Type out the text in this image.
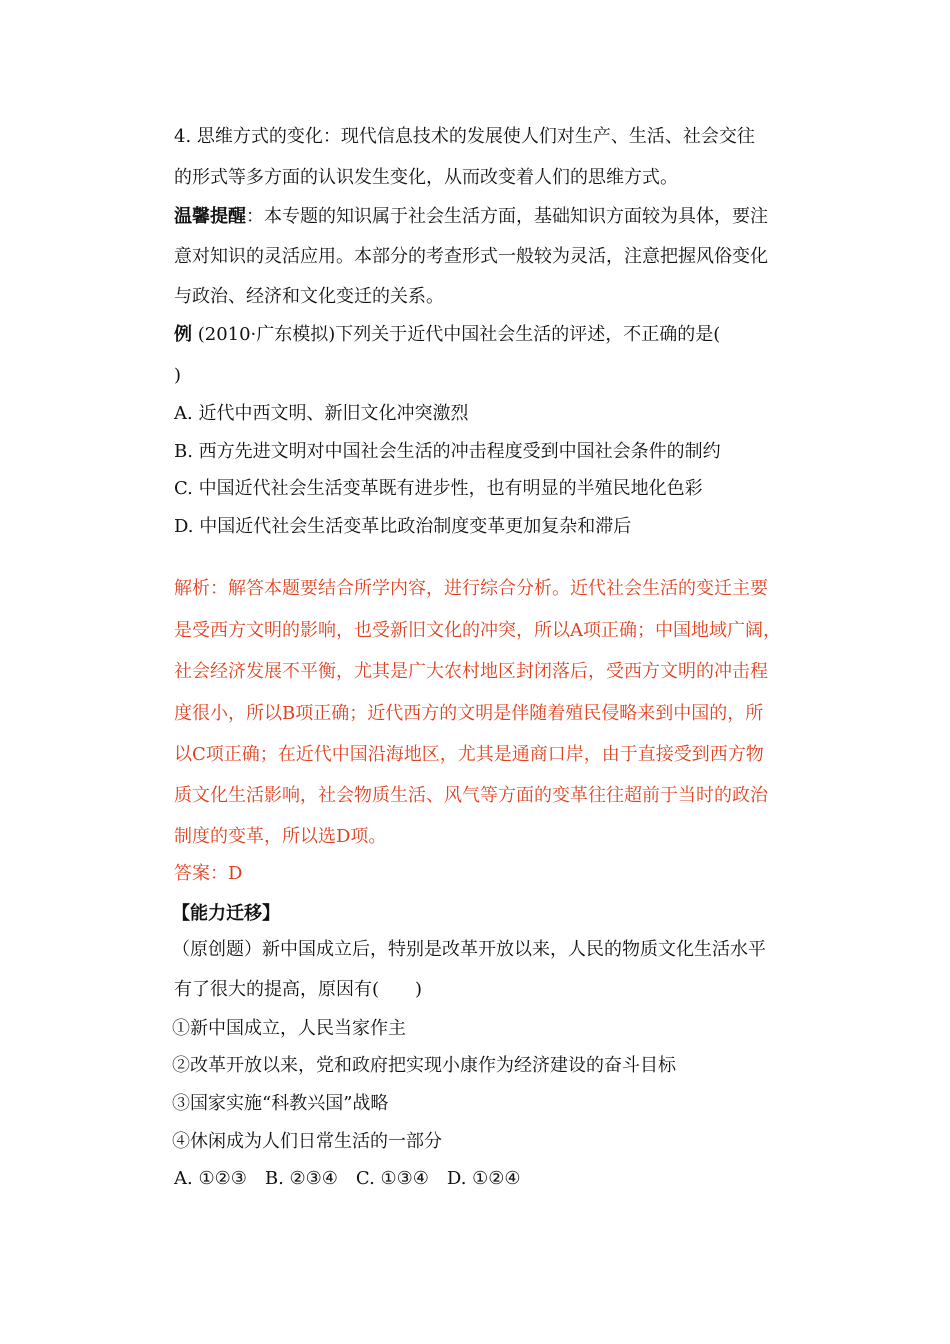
4. 思维方式的变化：现代信息技术的发展使人们对生产、生活、社会交往
的形式等多方面的认识发生变化，从而改变着人们的思维方式。
温馨提醒：本专题的知识属于社会生活方面，基础知识方面较为具体，要注
意对知识的灵活应用。本部分的考查形式一般较为灵活，注意把握风俗变化
与政治、经济和文化变迁的关系。
例 (2010·广东模拟)下列关于近代中国社会生活的评述，不正确的是(
)
A. 近代中西文明、新旧文化冲突激烈
B. 西方先进文明对中国社会生活的冲击程度受到中国社会条件的制约
C. 中国近代社会生活变革既有进步性，也有明显的半殖民地化色彩
D. 中国近代社会生活变革比政治制度变革更加复杂和滞后
解析：解答本题要结合所学内容，进行综合分析。近代社会生活的变迁主要
是受西方文明的影响，也受新旧文化的冲突，所以A项正确；中国地域广阔，
社会经济发展不平衡，尤其是广大农村地区封闭落后，受西方文明的冲击程
度很小，所以B项正确；近代西方的文明是伴随着殖民侵略来到中国的，所
以C项正确；在近代中国沿海地区，尤其是通商口岸，由于直接受到西方物
质文化生活影响，社会物质生活、风气等方面的变革往往超前于当时的政治
制度的变革，所以选D项。
答案：D
【能力迁移】
（原创题）新中国成立后，特别是改革开放以来，人民的物质文化生活水平
有了很大的提高，原因有(　　)
①新中国成立，人民当家作主
②改革开放以来，党和政府把实现小康作为经济建设的奋斗目标
③国家实施“科教兴国”战略
④休闲成为人们日常生活的一部分
A. ①②③　B. ②③④　C. ①③④　D. ①②④
